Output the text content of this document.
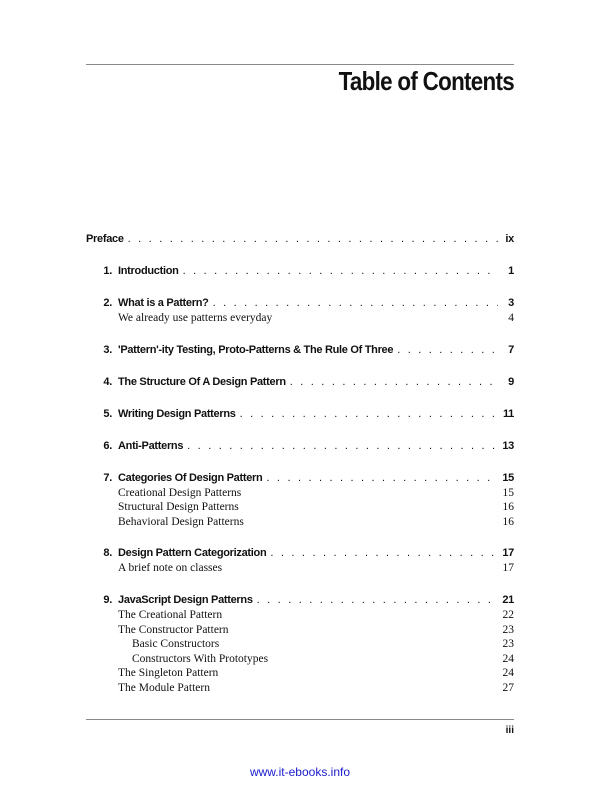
Table of Contents
Preface . . .	ix
1. Introduction . . .	1
2. What is a Pattern? . . .	3
We already use patterns everyday	4
3. 'Pattern'-ity Testing, Proto-Patterns & The Rule Of Three . . .	7
4. The Structure Of A Design Pattern . . .	9
5. Writing Design Patterns . . .	11
6. Anti-Patterns . . .	13
7. Categories Of Design Pattern . . .	15
Creational Design Patterns	15
Structural Design Patterns	16
Behavioral Design Patterns	16
8. Design Pattern Categorization . . .	17
A brief note on classes	17
9. JavaScript Design Patterns . . .	21
The Creational Pattern	22
The Constructor Pattern	23
Basic Constructors	23
Constructors With Prototypes	24
The Singleton Pattern	24
The Module Pattern	27
iii
www.it-ebooks.info
